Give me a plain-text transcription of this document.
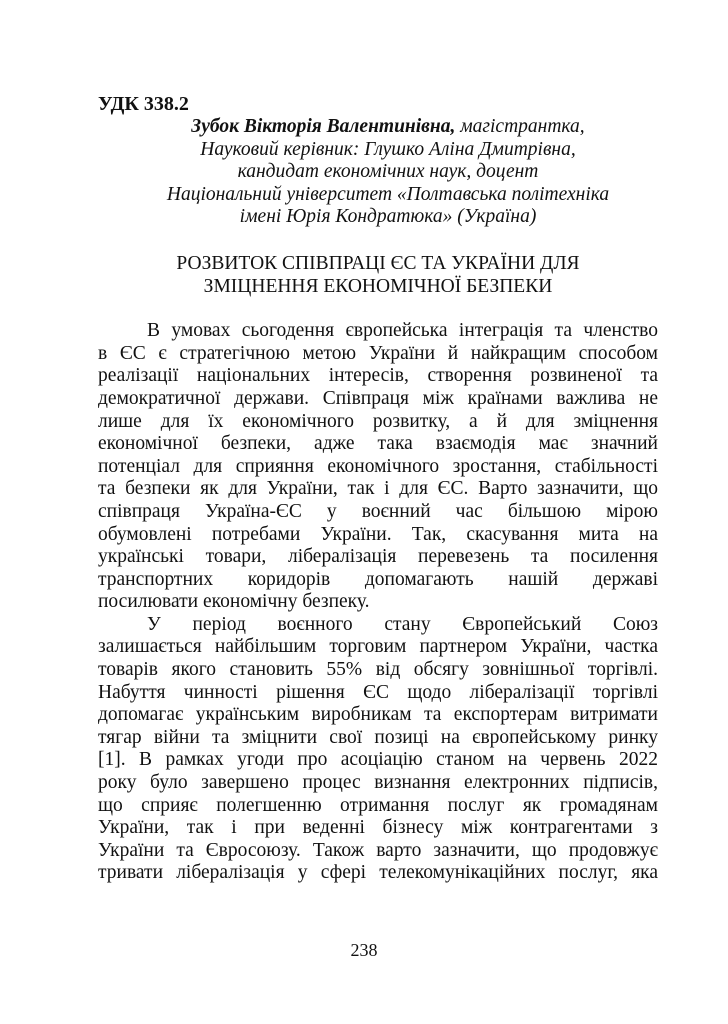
УДК 338.2
Зубок Вікторія Валентинівна, магістрантка,
Науковий керівник: Глушко Аліна Дмитрівна,
кандидат економічних наук, доцент
Національний університет «Полтавська політехніка
імені Юрія Кондратюка» (Україна)
РОЗВИТОК СПІВПРАЦІ ЄС ТА УКРАЇНИ ДЛЯ
ЗМІЦНЕННЯ ЕКОНОМІЧНОЇ БЕЗПЕКИ

В умовах сьогодення європейська інтеграція та членство
в ЄС є стратегічною метою України й найкращим способом
реалізації національних інтересів, створення розвиненої та
демократичної держави. Співпраця між країнами важлива не
лише для їх економічного розвитку, а й для зміцнення
економічної безпеки, адже така взаємодія має значний
потенціал для сприяння економічного зростання, стабільності
та безпеки як для України, так і для ЄС. Варто зазначити, що
співпраця Україна-ЄС у воєнний час більшою мірою
обумовлені потребами України. Так, скасування мита на
українські товари, лібералізація перевезень та посилення
транспортних коридорів допомагають нашій державі
посилювати економічну безпеку.

У період воєнного стану Європейський Союз
залишається найбільшим торговим партнером України, частка
товарів якого становить 55% від обсягу зовнішньої торгівлі.
Набуття чинності рішення ЄС щодо лібералізації торгівлі
допомагає українським виробникам та експортерам витримати
тягар війни та зміцнити свої позиці на європейському ринку
[1]. В рамках угоди про асоціацію станом на червень 2022
року було завершено процес визнання електронних підписів,
що сприяє полегшенню отримання послуг як громадянам
України, так і при веденні бізнесу між контрагентами з
України та Євросоюзу. Також варто зазначити, що продовжує
тривати лібералізація у сфері телекомунікаційних послуг, яка

238
